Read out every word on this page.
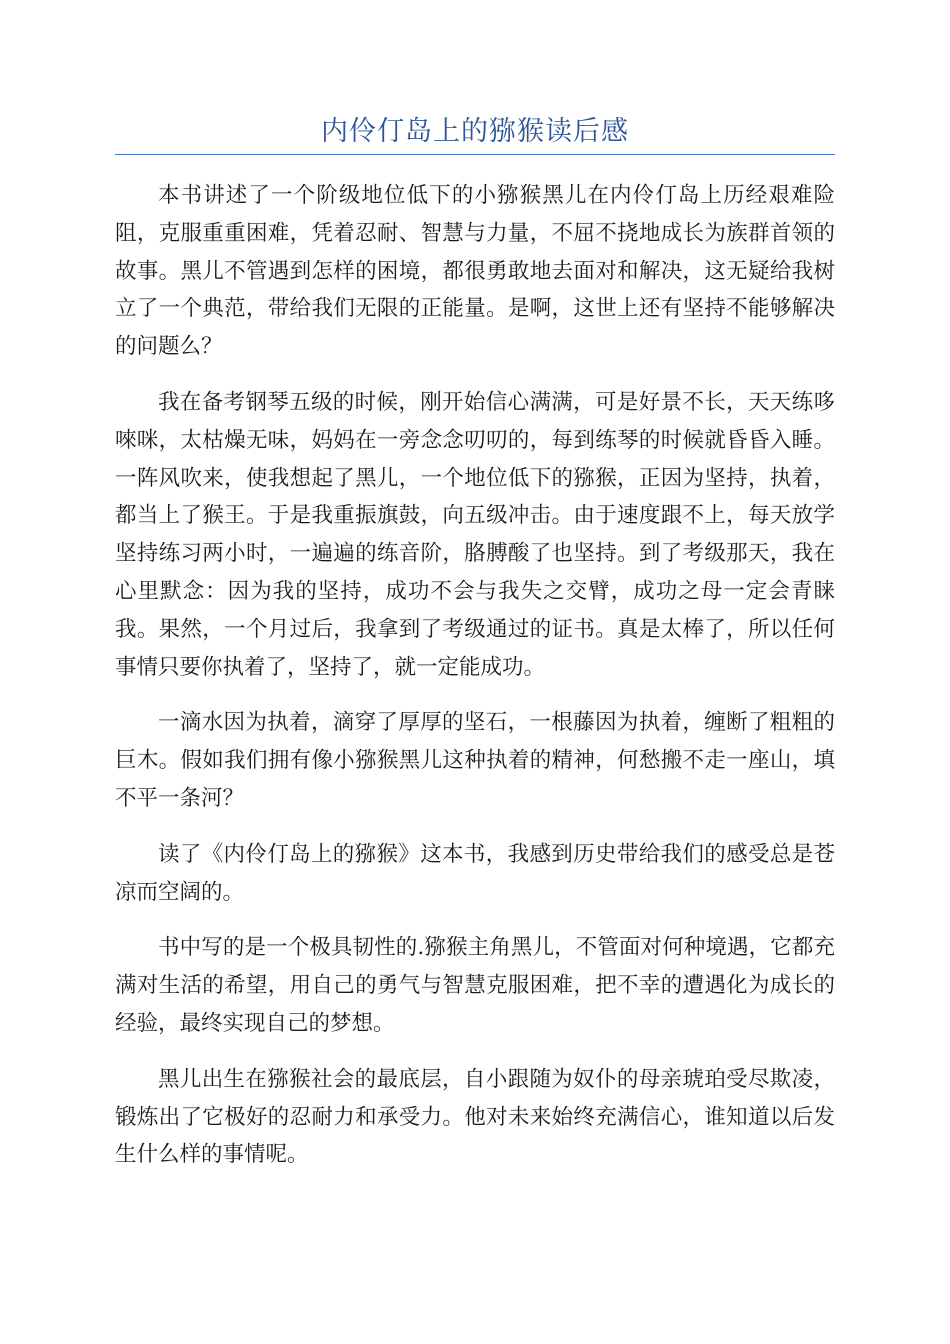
内伶仃岛上的猕猴读后感

本书讲述了一个阶级地位低下的小猕猴黑儿在内伶仃岛上历经艰难险阻，克服重重困难，凭着忍耐、智慧与力量，不屈不挠地成长为族群首领的故事。黑儿不管遇到怎样的困境，都很勇敢地去面对和解决，这无疑给我树立了一个典范，带给我们无限的正能量。是啊，这世上还有坚持不能够解决的问题么？

我在备考钢琴五级的时候，刚开始信心满满，可是好景不长，天天练哆唻咪，太枯燥无味，妈妈在一旁念念叨叨的，每到练琴的时候就昏昏入睡。一阵风吹来，使我想起了黑儿，一个地位低下的猕猴，正因为坚持，执着，都当上了猴王。于是我重振旗鼓，向五级冲击。由于速度跟不上，每天放学坚持练习两小时，一遍遍的练音阶，胳膊酸了也坚持。到了考级那天，我在心里默念：因为我的坚持，成功不会与我失之交臂，成功之母一定会青睐我。果然，一个月过后，我拿到了考级通过的证书。真是太棒了，所以任何事情只要你执着了，坚持了，就一定能成功。

一滴水因为执着，滴穿了厚厚的坚石，一根藤因为执着，缠断了粗粗的巨木。假如我们拥有像小猕猴黑儿这种执着的精神，何愁搬不走一座山，填不平一条河？

读了《内伶仃岛上的猕猴》这本书，我感到历史带给我们的感受总是苍凉而空阔的。

书中写的是一个极具韧性的.猕猴主角黑儿，不管面对何种境遇，它都充满对生活的希望，用自己的勇气与智慧克服困难，把不幸的遭遇化为成长的经验，最终实现自己的梦想。

黑儿出生在猕猴社会的最底层，自小跟随为奴仆的母亲琥珀受尽欺凌，锻炼出了它极好的忍耐力和承受力。他对未来始终充满信心，谁知道以后发生什么样的事情呢。
